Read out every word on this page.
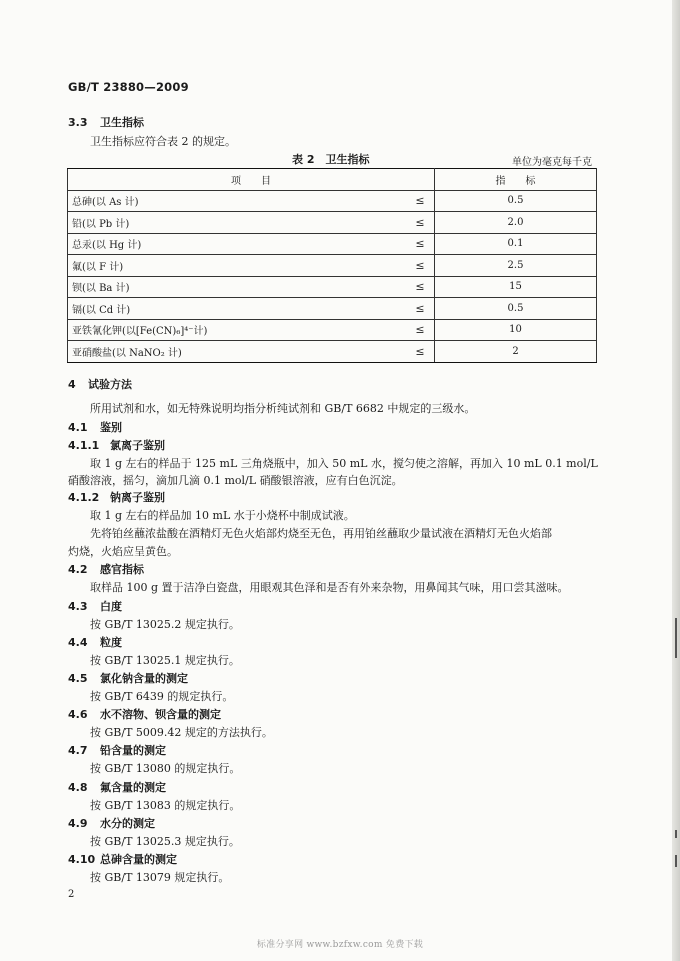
GB/T 23880—2009
3.3 卫生指标
卫生指标应符合表 2 的规定。
表 2　卫生指标	单位为毫克每千克
项　　目		指　　标
总砷(以 As 计)	≤	0.5
铅(以 Pb 计)	≤	2.0
总汞(以 Hg 计)	≤	0.1
氟(以 F 计)	≤	2.5
钡(以 Ba 计)	≤	15
镉(以 Cd 计)	≤	0.5
亚铁氰化钾(以[Fe(CN)₆]⁴⁻计)	≤	10
亚硝酸盐(以 NaNO₂ 计)	≤	2
4 试验方法
所用试剂和水，如无特殊说明均指分析纯试剂和 GB/T 6682 中规定的三级水。
4.1 鉴别
4.1.1 氯离子鉴别
取 1 g 左右的样品于 125 mL 三角烧瓶中，加入 50 mL 水，搅匀使之溶解，再加入 10 mL 0.1 mol/L
硝酸溶液，摇匀，滴加几滴 0.1 mol/L 硝酸银溶液，应有白色沉淀。
4.1.2 钠离子鉴别
取 1 g 左右的样品加 10 mL 水于小烧杯中制成试液。
先将铂丝蘸浓盐酸在酒精灯无色火焰部灼烧至无色，再用铂丝蘸取少量试液在酒精灯无色火焰部
灼烧，火焰应呈黄色。
4.2 感官指标
取样品 100 g 置于洁净白瓷盘，用眼观其色泽和是否有外来杂物，用鼻闻其气味，用口尝其滋味。
4.3 白度
按 GB/T 13025.2 规定执行。
4.4 粒度
按 GB/T 13025.1 规定执行。
4.5 氯化钠含量的测定
按 GB/T 6439 的规定执行。
4.6 水不溶物、钡含量的测定
按 GB/T 5009.42 规定的方法执行。
4.7 铅含量的测定
按 GB/T 13080 的规定执行。
4.8 氟含量的测定
按 GB/T 13083 的规定执行。
4.9 水分的测定
按 GB/T 13025.3 规定执行。
4.10 总砷含量的测定
按 GB/T 13079 规定执行。
2
标准分享网 www.bzfxw.com 免费下载
